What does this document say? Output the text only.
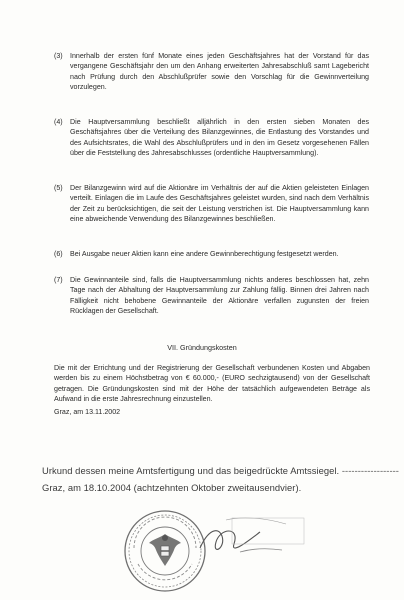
(3)	Innerhalb der ersten fünf Monate eines jeden Geschäftsjahres hat der Vorstand für das vergangene Geschäftsjahr den um den Anhang erweiterten Jahresabschluß samt Lagebericht nach Prüfung durch den Abschlußprüfer sowie den Vorschlag für die Gewinnverteilung vorzulegen.
(4)	Die Hauptversammlung beschließt alljährlich in den ersten sieben Monaten des Geschäftsjahres über die Verteilung des Bilanzgewinnes, die Entlastung des Vorstandes und des Aufsichtsrates, die Wahl des Abschlußprüfers und in den im Gesetz vorgesehenen Fällen über die Feststellung des Jahresabschlusses (ordentliche Hauptversammlung).
(5)	Der Bilanzgewinn wird auf die Aktionäre im Verhältnis der auf die Aktien geleisteten Einlagen verteilt. Einlagen die im Laufe des Geschäftsjahres geleistet wurden, sind nach dem Verhältnis der Zeit zu berücksichtigen, die seit der Leistung verstrichen ist. Die Hauptversammlung kann eine abweichende Verwendung des Bilanzgewinnes beschließen.
(6)	Bei Ausgabe neuer Aktien kann eine andere Gewinnberechtigung festgesetzt werden.
(7)	Die Gewinnanteile sind, falls die Hauptversammlung nichts anderes beschlossen hat, zehn Tage nach der Abhaltung der Hauptversammlung zur Zahlung fällig. Binnen drei Jahren nach Fälligkeit nicht behobene Gewinnanteile der Aktionäre verfallen zugunsten der freien Rücklagen der Gesellschaft.
VII. Gründungskosten
Die mit der Errichtung und der Registrierung der Gesellschaft verbundenen Kosten und Abgaben werden bis zu einem Höchstbetrag von € 60.000,- (EURO sechzigtausend) von der Gesellschaft getragen. Die Gründungskosten sind mit der Höhe der tatsächlich aufgewendeten Beträge als Aufwand in die erste Jahresrechnung einzustellen.
Graz, am 13.11.2002
Urkund dessen meine Amtsfertigung und das beigedrückte Amtssiegel. ------------------
Graz, am 18.10.2004 (achtzehnten Oktober zweitausendvier).
